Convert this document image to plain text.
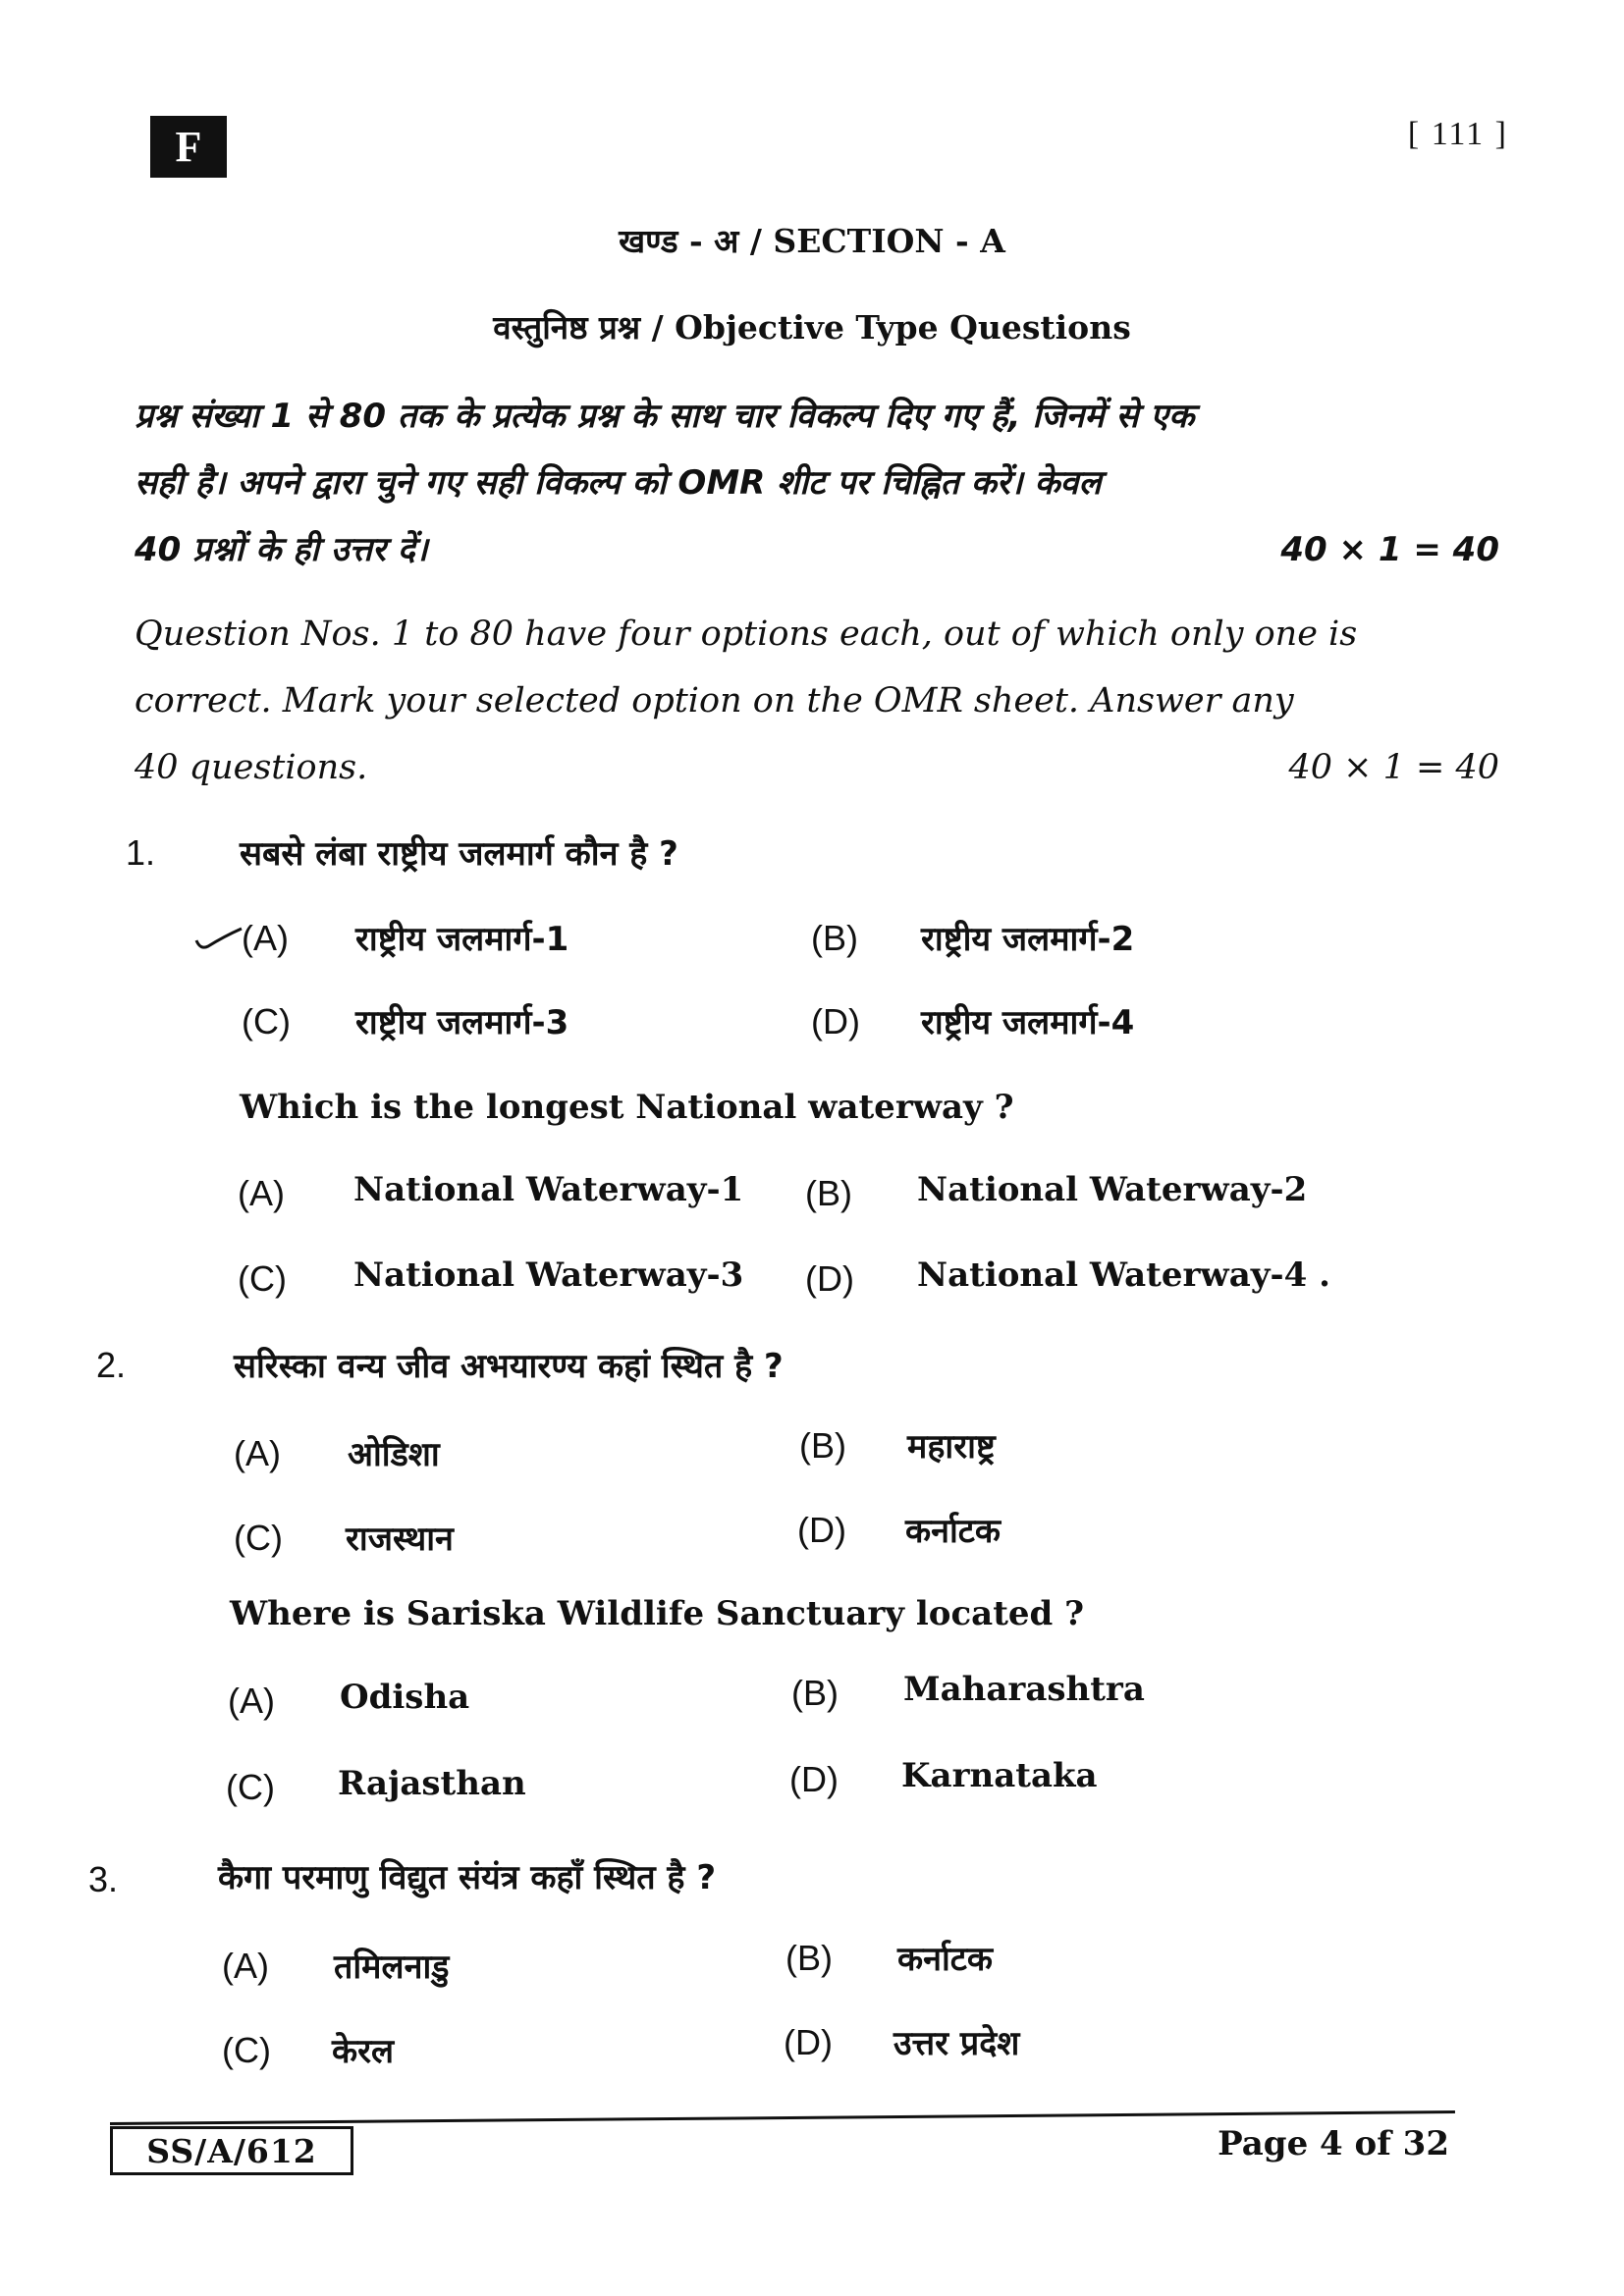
F	[ 111 ]
खण्ड - अ / SECTION - A
वस्तुनिष्ठ प्रश्न / Objective Type Questions
प्रश्न संख्या 1 से 80 तक के प्रत्येक प्रश्न के साथ चार विकल्प दिए गए हैं, जिनमें से एक
सही है। अपने द्वारा चुने गए सही विकल्प को OMR शीट पर चिह्नित करें। केवल
40 प्रश्नों के ही उत्तर दें।	40 × 1 = 40
Question Nos. 1 to 80 have four options each, out of which only one is
correct. Mark your selected option on the OMR sheet. Answer any
40 questions.	40 × 1 = 40
1.	सबसे लंबा राष्ट्रीय जलमार्ग कौन है ?
(A) राष्ट्रीय जलमार्ग-1	(B) राष्ट्रीय जलमार्ग-2
(C) राष्ट्रीय जलमार्ग-3	(D) राष्ट्रीय जलमार्ग-4
Which is the longest National waterway ?
(A) National Waterway-1 (B) National Waterway-2
(C) National Waterway-3 (D) National Waterway-4 .
2.	सरिस्का वन्य जीव अभयारण्य कहां स्थित है ?
(A) ओडिशा	(B) महाराष्ट्र
(C) राजस्थान	(D) कर्नाटक
Where is Sariska Wildlife Sanctuary located ?
(A) Odisha	(B) Maharashtra
(C) Rajasthan	(D) Karnataka
3.	कैगा परमाणु विद्युत संयंत्र कहाँ स्थित है ?
(A) तमिलनाडु	(B) कर्नाटक
(C) केरल	(D) उत्तर प्रदेश
SS/A/612	Page 4 of 32
